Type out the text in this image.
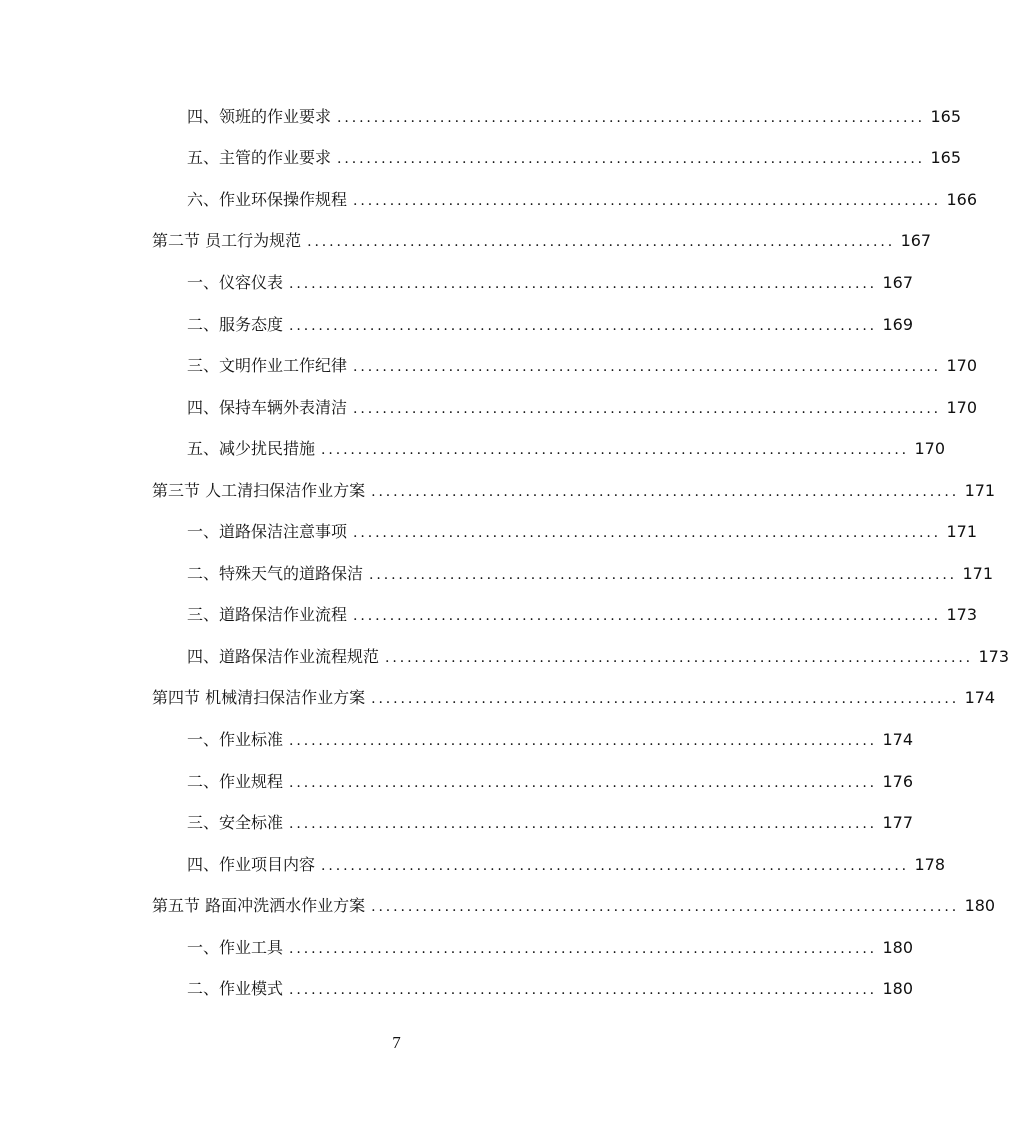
四、领班的作业要求 ................................................................................ 165
五、主管的作业要求 ................................................................................ 165
六、作业环保操作规程 ................................................................................ 166
第二节 员工行为规范 ................................................................................ 167
一、仪容仪表 ................................................................................ 167
二、服务态度 ................................................................................ 169
三、文明作业工作纪律 ................................................................................ 170
四、保持车辆外表清洁 ................................................................................ 170
五、减少扰民措施 ................................................................................ 170
第三节 人工清扫保洁作业方案 ................................................................................ 171
一、道路保洁注意事项 ................................................................................ 171
二、特殊天气的道路保洁 ................................................................................ 171
三、道路保洁作业流程 ................................................................................ 173
四、道路保洁作业流程规范 ................................................................................ 173
第四节 机械清扫保洁作业方案 ................................................................................ 174
一、作业标准 ................................................................................ 174
二、作业规程 ................................................................................ 176
三、安全标准 ................................................................................ 177
四、作业项目内容 ................................................................................ 178
第五节 路面冲洗洒水作业方案 ................................................................................ 180
一、作业工具 ................................................................................ 180
二、作业模式 ................................................................................ 180
7
